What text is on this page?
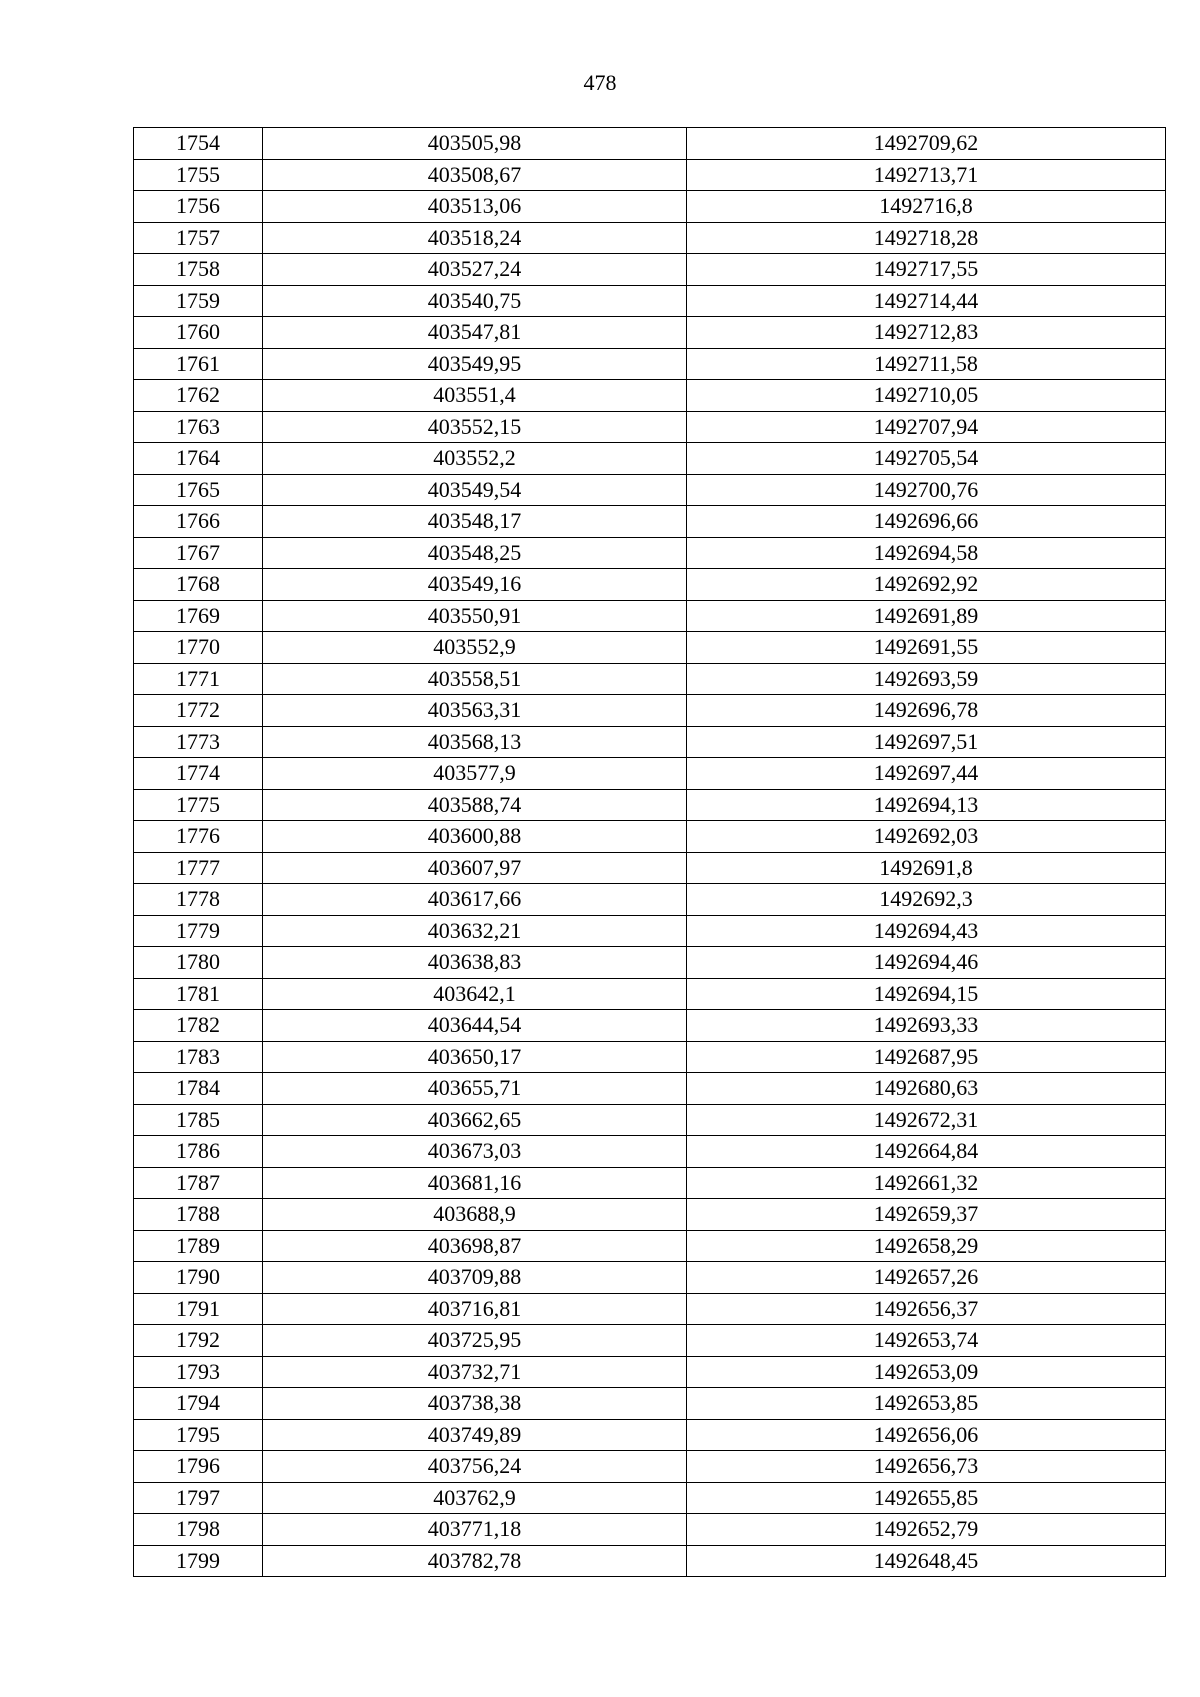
478
1754	403505,98	1492709,62
1755	403508,67	1492713,71
1756	403513,06	1492716,8
1757	403518,24	1492718,28
1758	403527,24	1492717,55
1759	403540,75	1492714,44
1760	403547,81	1492712,83
1761	403549,95	1492711,58
1762	403551,4	1492710,05
1763	403552,15	1492707,94
1764	403552,2	1492705,54
1765	403549,54	1492700,76
1766	403548,17	1492696,66
1767	403548,25	1492694,58
1768	403549,16	1492692,92
1769	403550,91	1492691,89
1770	403552,9	1492691,55
1771	403558,51	1492693,59
1772	403563,31	1492696,78
1773	403568,13	1492697,51
1774	403577,9	1492697,44
1775	403588,74	1492694,13
1776	403600,88	1492692,03
1777	403607,97	1492691,8
1778	403617,66	1492692,3
1779	403632,21	1492694,43
1780	403638,83	1492694,46
1781	403642,1	1492694,15
1782	403644,54	1492693,33
1783	403650,17	1492687,95
1784	403655,71	1492680,63
1785	403662,65	1492672,31
1786	403673,03	1492664,84
1787	403681,16	1492661,32
1788	403688,9	1492659,37
1789	403698,87	1492658,29
1790	403709,88	1492657,26
1791	403716,81	1492656,37
1792	403725,95	1492653,74
1793	403732,71	1492653,09
1794	403738,38	1492653,85
1795	403749,89	1492656,06
1796	403756,24	1492656,73
1797	403762,9	1492655,85
1798	403771,18	1492652,79
1799	403782,78	1492648,45
